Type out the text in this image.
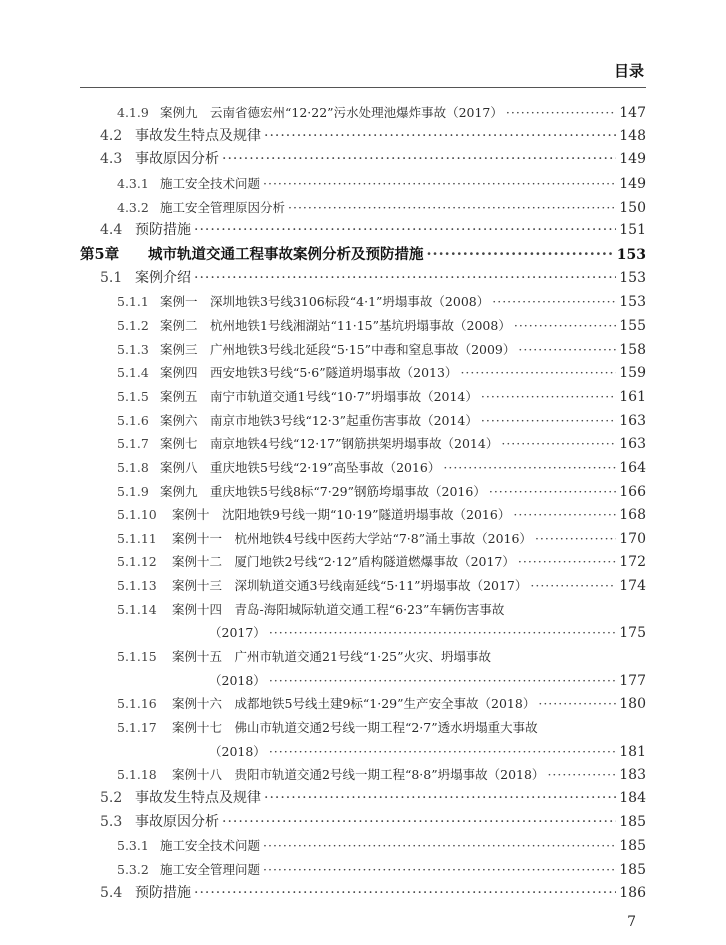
目录
4.1.9 案例九　云南省德宏州“12·22”污水处理池爆炸事故（2017） ·····	147
4.2 事故发生特点及规律 ·····	148
4.3 事故原因分析 ·····	149
4.3.1 施工安全技术问题 ·····	149
4.3.2 施工安全管理原因分析 ·····	150
4.4 预防措施 ·····	151
第5章	城市轨道交通工程事故案例分析及预防措施 ·····	153
5.1 案例介绍 ·····	153
5.1.1 案例一　深圳地铁3号线3106标段“4·1”坍塌事故（2008） ·····	153
5.1.2 案例二　杭州地铁1号线湘湖站“11·15”基坑坍塌事故（2008） ·····	155
5.1.3 案例三　广州地铁3号线北延段“5·15”中毒和窒息事故（2009） ·····	158
5.1.4 案例四　西安地铁3号线“5·6”隧道坍塌事故（2013） ·····	159
5.1.5 案例五　南宁市轨道交通1号线“10·7”坍塌事故（2014） ·····	161
5.1.6 案例六　南京市地铁3号线“12·3”起重伤害事故（2014） ·····	163
5.1.7 案例七　南京地铁4号线“12·17”钢筋拱架坍塌事故（2014） ·····	163
5.1.8 案例八　重庆地铁5号线“2·19”高坠事故（2016） ·····	164
5.1.9 案例九　重庆地铁5号线8标“7·29”钢筋垮塌事故（2016） ·····	166
5.1.10	案例十　沈阳地铁9号线一期“10·19”隧道坍塌事故（2016） ·····	168
5.1.11	案例十一　杭州地铁4号线中医药大学站“7·8”涌土事故（2016） ·····	170
5.1.12	案例十二　厦门地铁2号线“2·12”盾构隧道燃爆事故（2017） ·····	172
5.1.13	案例十三　深圳轨道交通3号线南延线“5·11”坍塌事故（2017） ·····	174
5.1.14	案例十四　青岛-海阳城际轨道交通工程“6·23”车辆伤害事故
（2017） ·····	175
5.1.15	案例十五　广州市轨道交通21号线“1·25”火灾、坍塌事故
（2018） ·····	177
5.1.16	案例十六　成都地铁5号线土建9标“1·29”生产安全事故（2018） ·····	180
5.1.17	案例十七　佛山市轨道交通2号线一期工程“2·7”透水坍塌重大事故
（2018） ·····	181
5.1.18	案例十八　贵阳市轨道交通2号线一期工程“8·8”坍塌事故（2018） ·····	183
5.2 事故发生特点及规律 ·····	184
5.3 事故原因分析 ·····	185
5.3.1 施工安全技术问题 ·····	185
5.3.2 施工安全管理问题 ·····	185
5.4 预防措施 ·····	186
7
